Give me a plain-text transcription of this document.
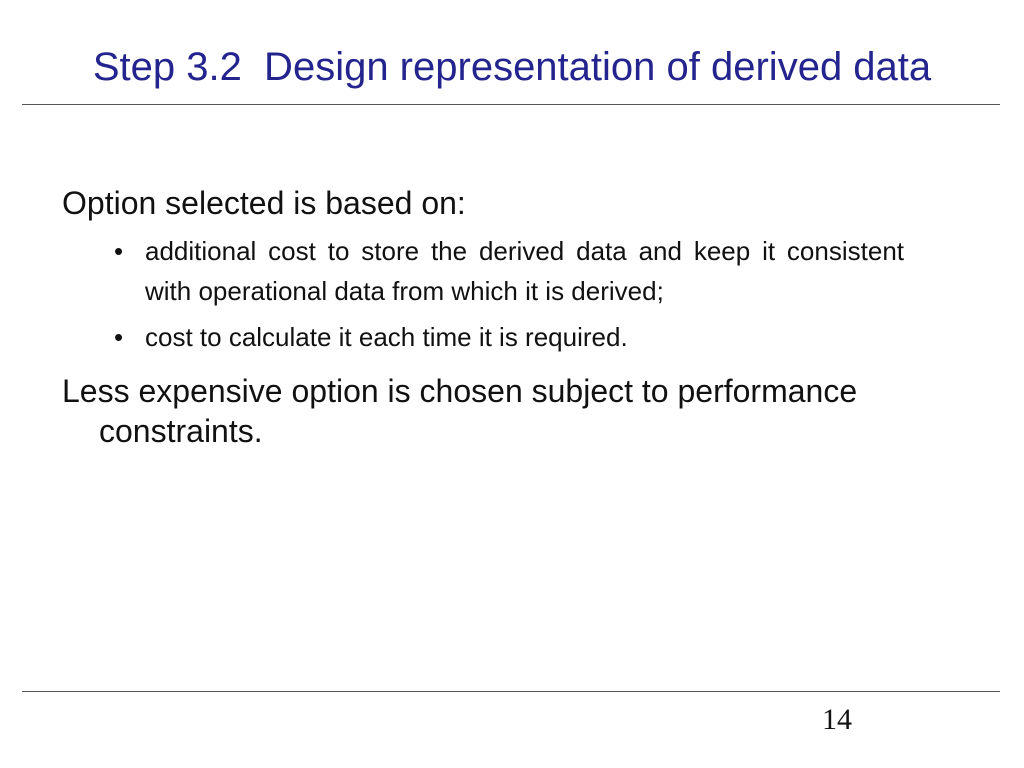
Step 3.2  Design representation of derived data

Option selected is based on:

• additional cost to store the derived data and keep it consistent with operational data from which it is derived;
• cost to calculate it each time it is required.

Less expensive option is chosen subject to performance constraints.

14
